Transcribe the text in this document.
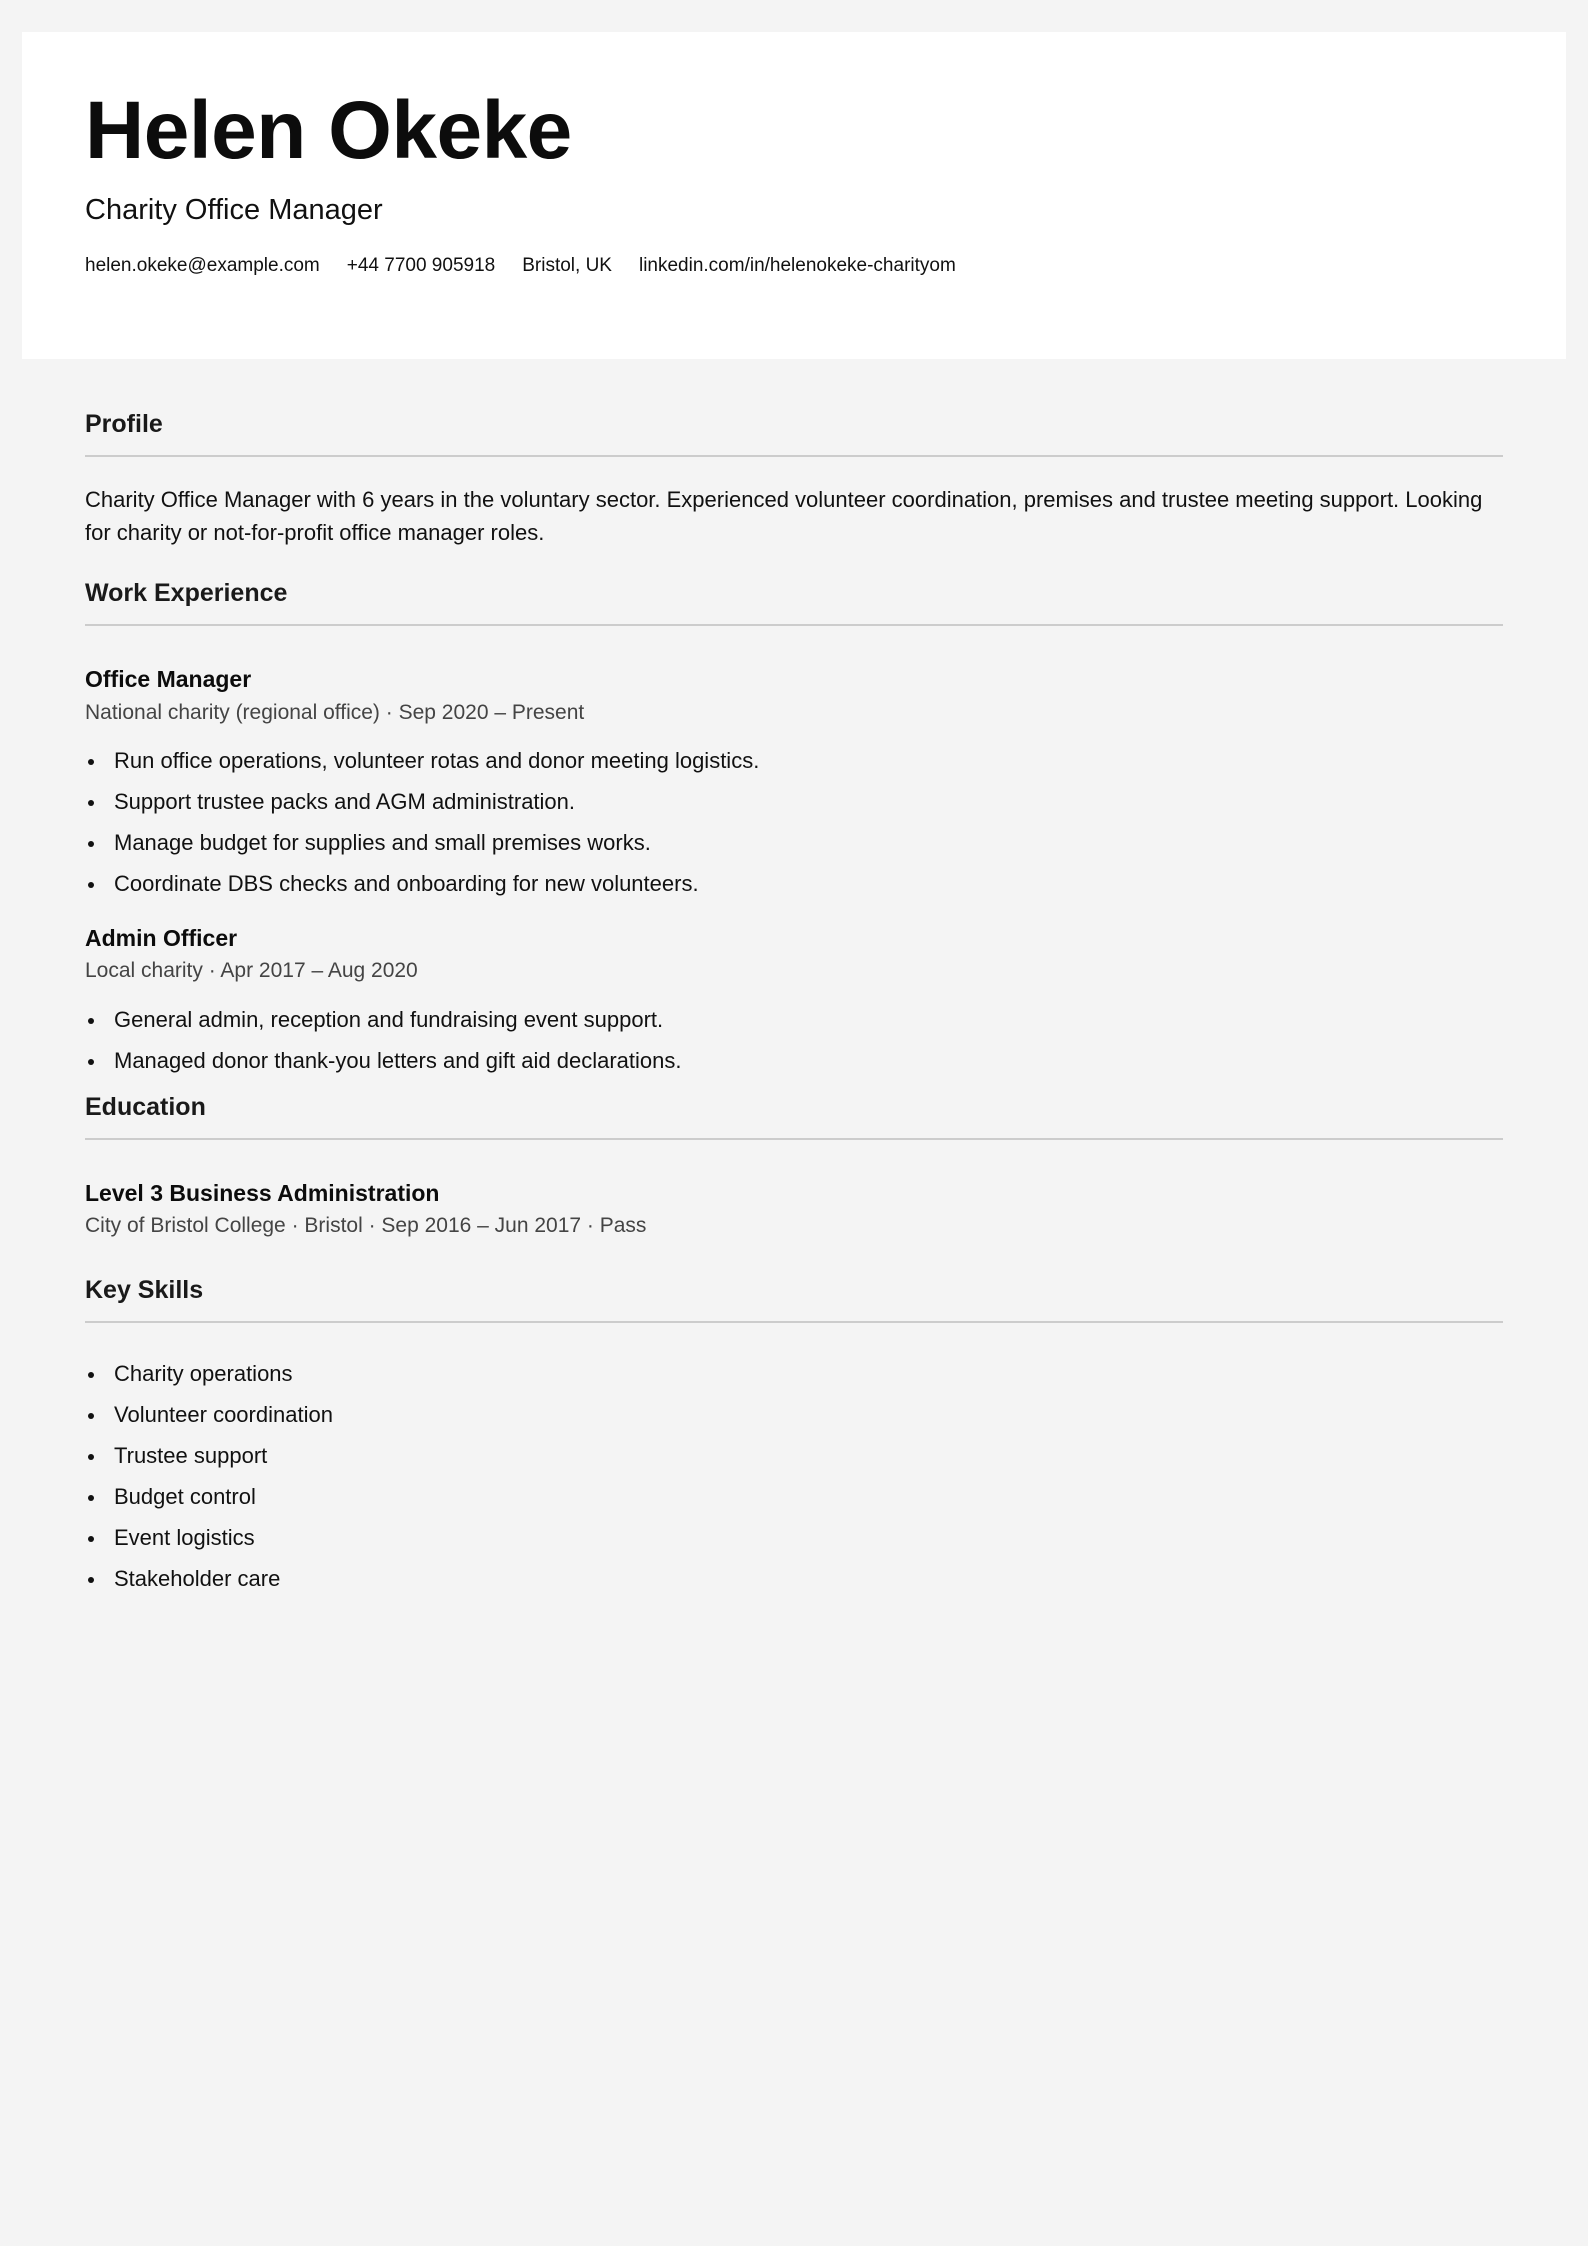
Helen Okeke
Charity Office Manager
helen.okeke@example.com +44 7700 905918 Bristol, UK linkedin.com/in/helenokeke-charityom
Profile

Charity Office Manager with 6 years in the voluntary sector. Experienced volunteer coordination, premises and trustee meeting support. Looking for charity or not-for-profit office manager roles.

Work Experience
Office Manager
National charity (regional office) · Sep 2020 – Present
Run office operations, volunteer rotas and donor meeting logistics.
Support trustee packs and AGM administration.
Manage budget for supplies and small premises works.
Coordinate DBS checks and onboarding for new volunteers.
Admin Officer
Local charity · Apr 2017 – Aug 2020
General admin, reception and fundraising event support.
Managed donor thank-you letters and gift aid declarations.
Education
Level 3 Business Administration
City of Bristol College · Bristol · Sep 2016 – Jun 2017 · Pass
Key Skills
Charity operations
Volunteer coordination
Trustee support
Budget control
Event logistics
Stakeholder care
